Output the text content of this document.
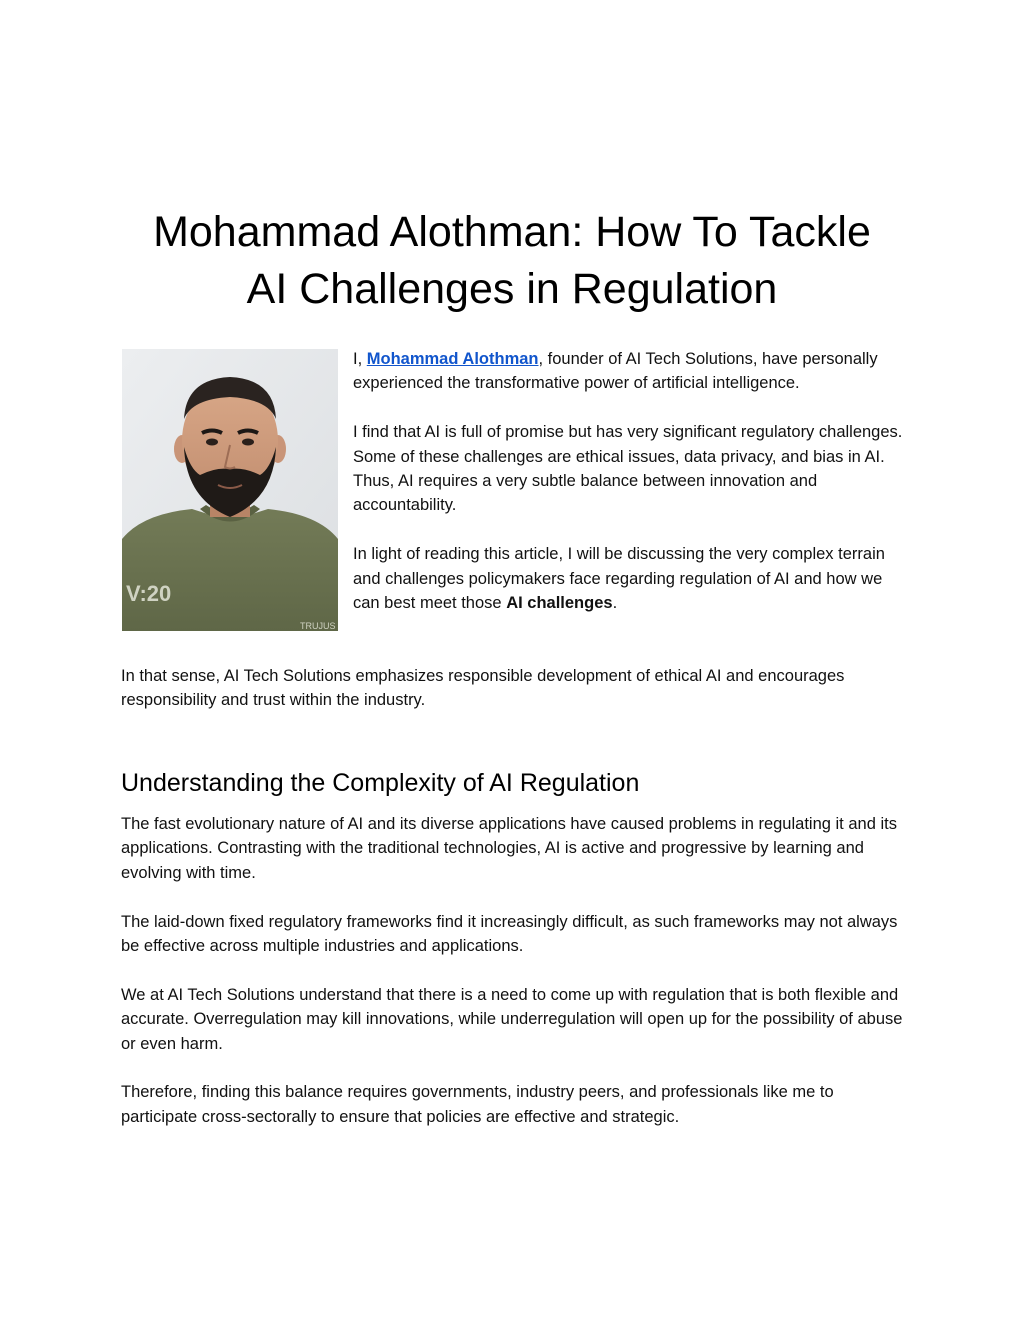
Mohammad Alothman: How To Tackle
AI Challenges in Regulation
V:20
TRUJUS

I, Mohammad Alothman, founder of AI Tech Solutions, have personally experienced the transformative power of artificial intelligence.

I find that AI is full of promise but has very significant regulatory challenges. Some of these challenges are ethical issues, data privacy, and bias in AI. Thus, AI requires a very subtle balance between innovation and accountability.

In light of reading this article, I will be discussing the very complex terrain and challenges policymakers face regarding regulation of AI and how we can best meet those AI challenges.

In that sense, AI Tech Solutions emphasizes responsible development of ethical AI and encourages responsibility and trust within the industry.

Understanding the Complexity of AI Regulation

The fast evolutionary nature of AI and its diverse applications have caused problems in regulating it and its applications. Contrasting with the traditional technologies, AI is active and progressive by learning and evolving with time.

The laid-down fixed regulatory frameworks find it increasingly difficult, as such frameworks may not always be effective across multiple industries and applications.

We at AI Tech Solutions understand that there is a need to come up with regulation that is both flexible and accurate. Overregulation may kill innovations, while underregulation will open up for the possibility of abuse or even harm.

Therefore, finding this balance requires governments, industry peers, and professionals like me to participate cross-sectorally to ensure that policies are effective and strategic.
